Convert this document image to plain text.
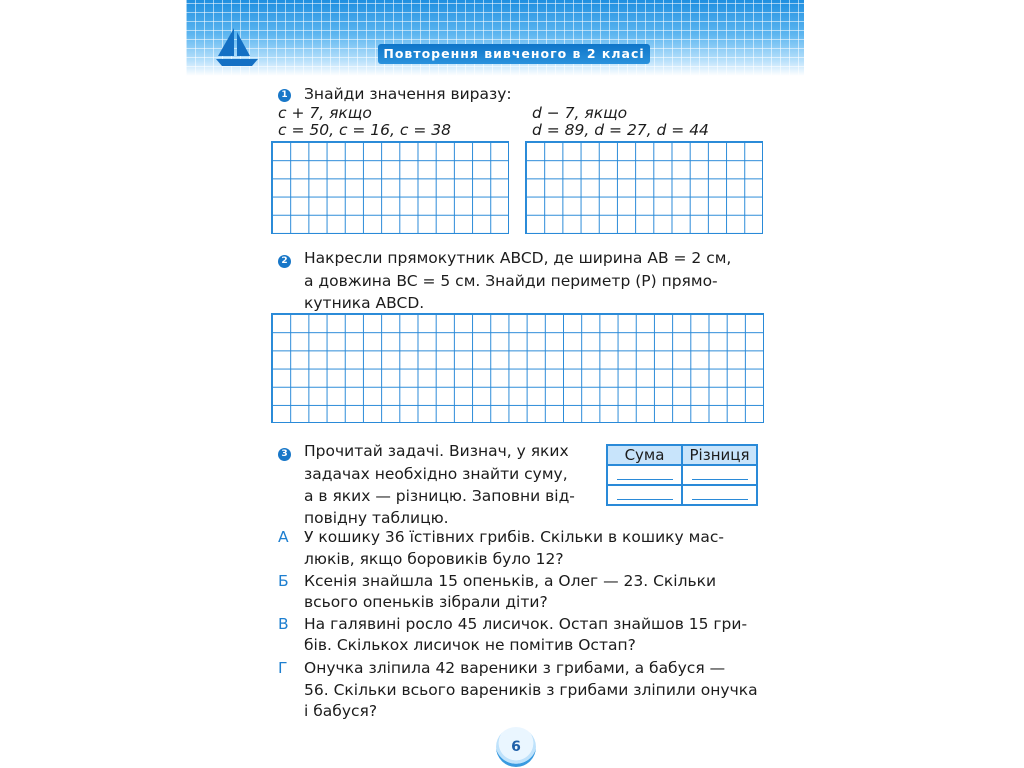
Повторення вивченого в 2 класі
1 Знайди значення виразу:
c + 7, якщо
c = 50, c = 16, c = 38
d − 7, якщо
d = 89, d = 27, d = 44
2 Накресли прямокутник ABCD, де ширина AB = 2 см,
а довжина BC = 5 см. Знайди периметр (P) прямо-
кутника ABCD.
3 Прочитай задачі. Визнач, у яких
задачах необхідно знайти суму,
а в яких — різницю. Заповни від-
повідну таблицю.
Сума	Різниця

А У кошику 36 їстівних грибів. Скільки в кошику мас-
люків, якщо боровиків було 12?
Б Ксенія знайшла 15 опеньків, а Олег — 23. Скільки
всього опеньків зібрали діти?
В На галявині росло 45 лисичок. Остап знайшов 15 гри-
бів. Скількох лисичок не помітив Остап?
Г Онучка зліпила 42 вареники з грибами, а бабуся —
56. Скільки всього вареників з грибами зліпили онучка
і бабуся?
6
